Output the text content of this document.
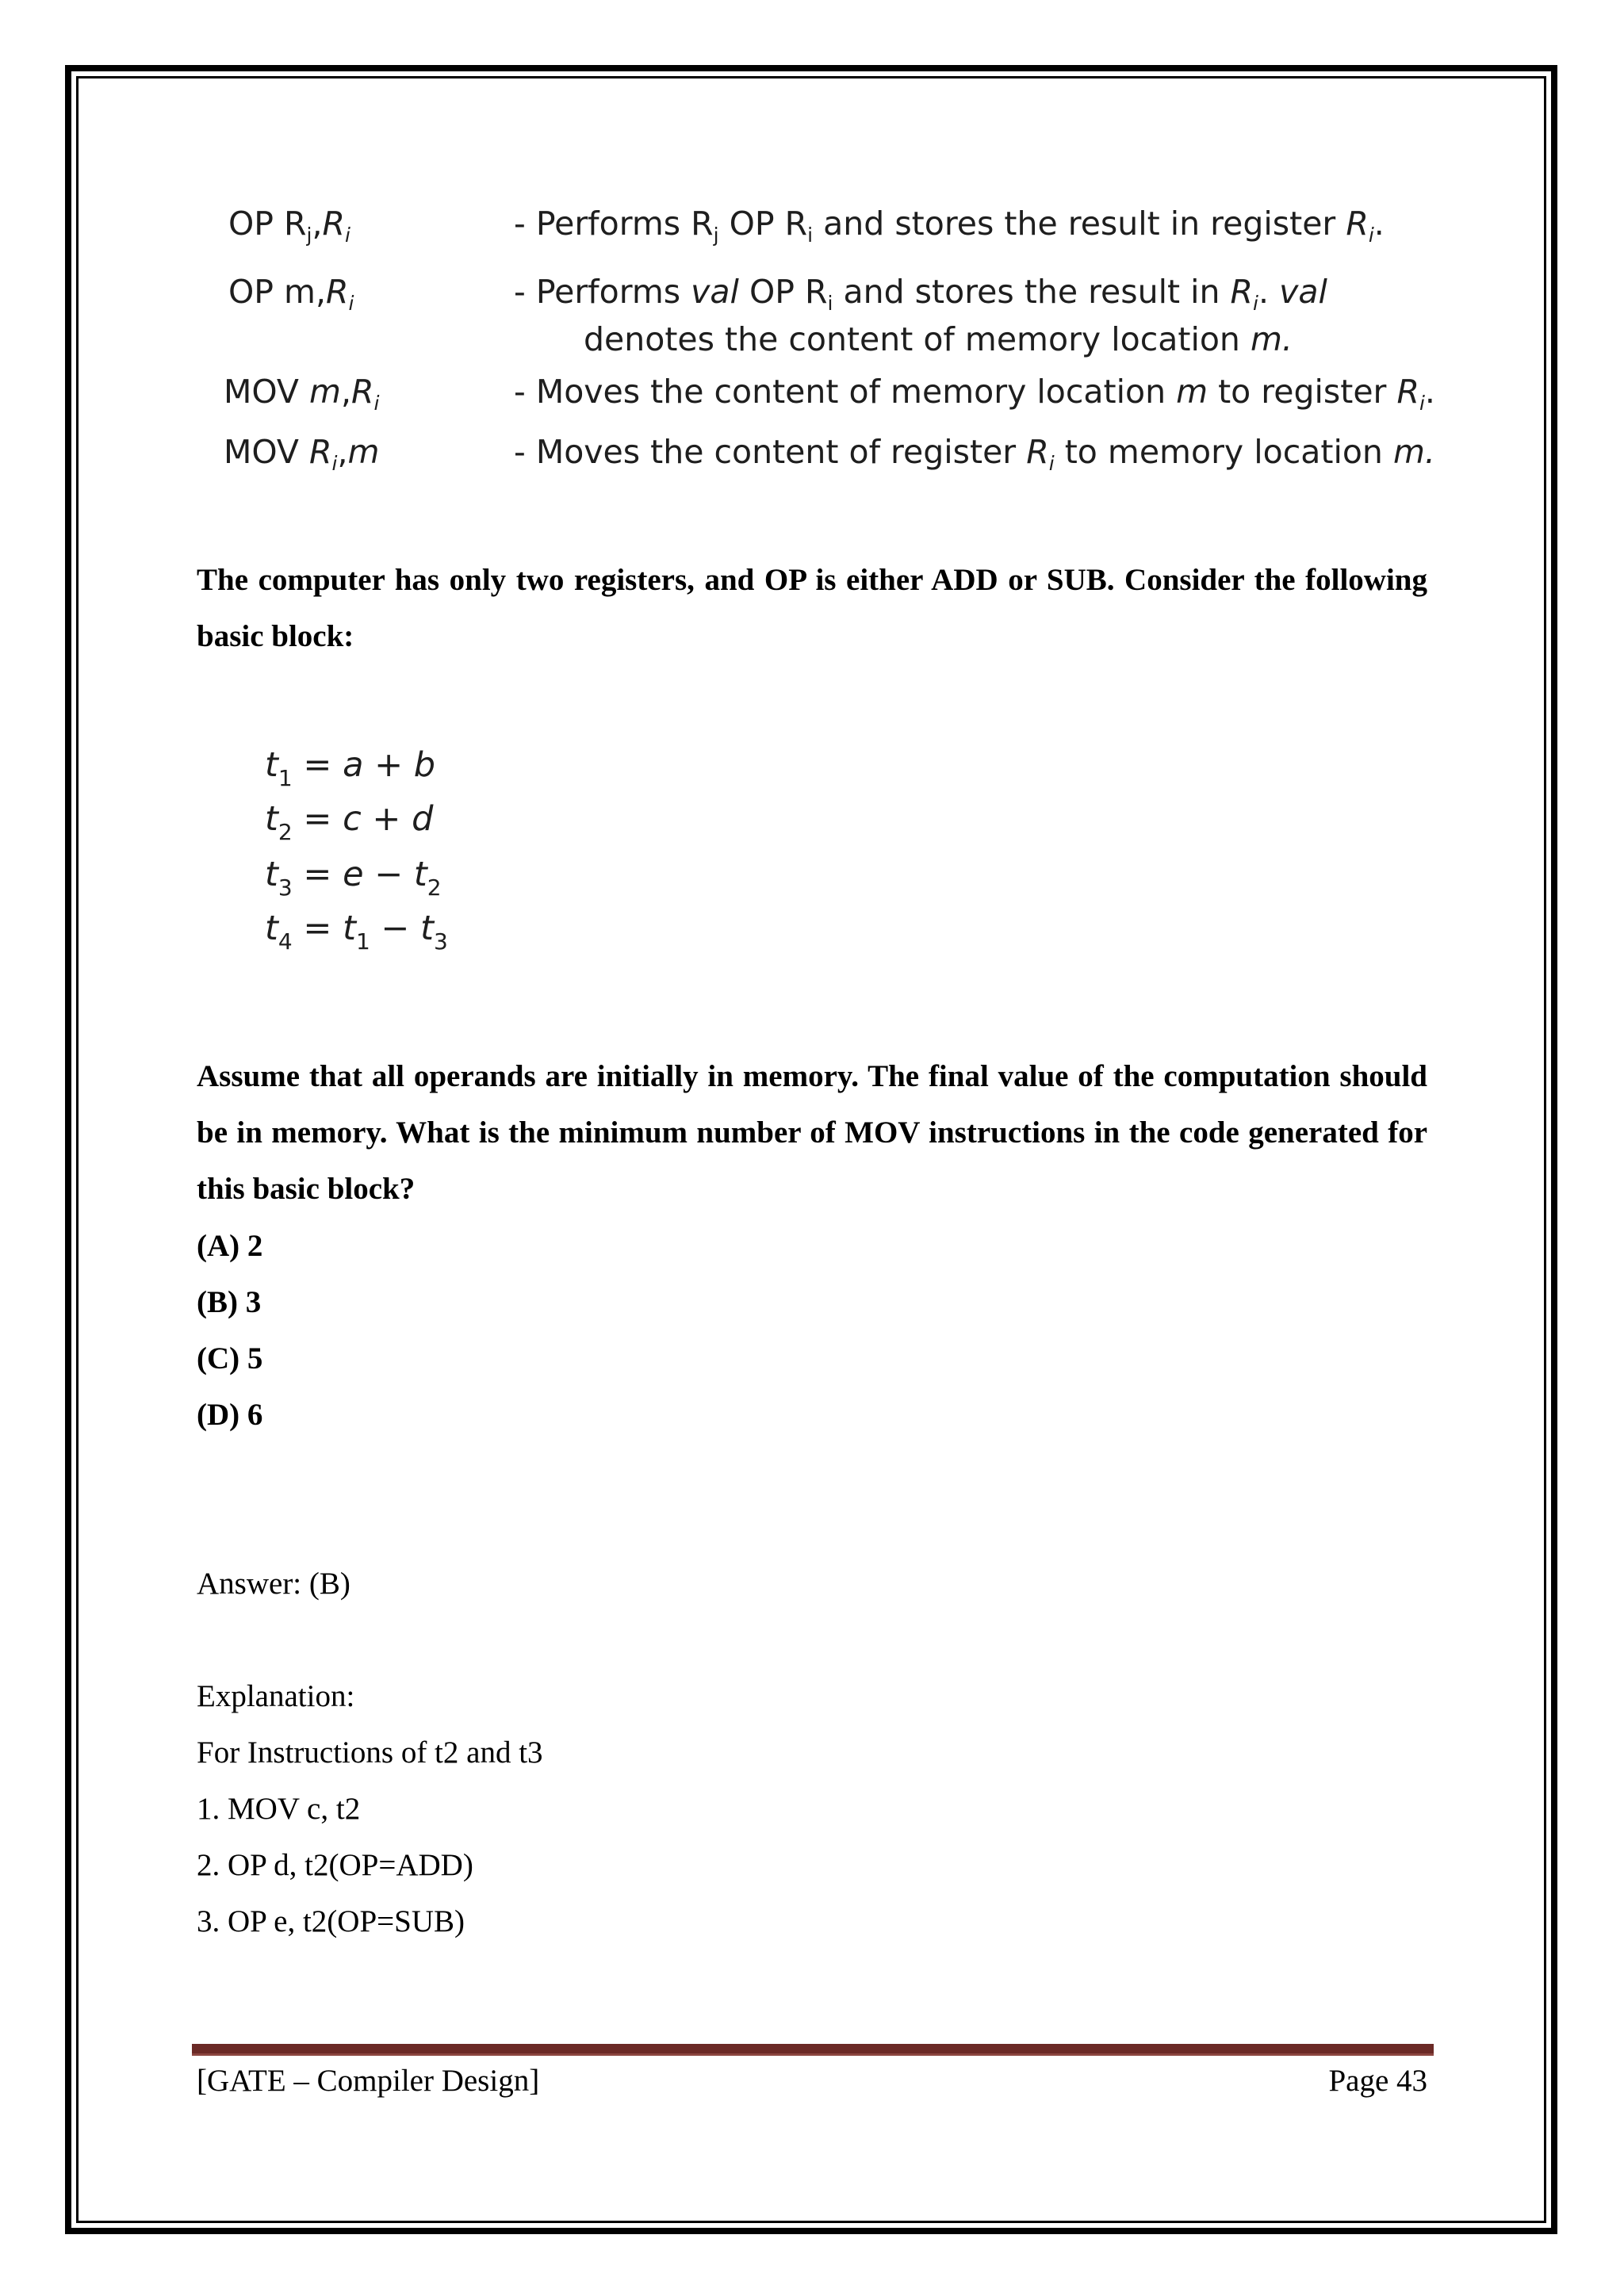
OP $R_j,R_i$	- Performs $R_j$ OP $R_i$ and stores the result in register $R_i$.
OP $m,R_i$	- Performs val OP $R_i$ and stores the result in $R_i$. val
denotes the content of memory location m.
MOV $m,R_i$	- Moves the content of memory location m to register $R_i$.
MOV $R_i,m$	- Moves the content of register $R_i$ to memory location m.
The computer has only two registers, and OP is either ADD or SUB. Consider the following basic block:
$t_1 = a + b$
$t_2 = c + d$
$t_3 = e - t_2$
$t_4 = t_1 - t_3$
Assume that all operands are initially in memory. The final value of the computation should be in memory. What is the minimum number of MOV instructions in the code generated for this basic block?
(A) 2
(B) 3
(C) 5
(D) 6
Answer: (B)
Explanation:
For Instructions of t2 and t3
1. MOV c, t2
2. OP d, t2(OP=ADD)
3. OP e, t2(OP=SUB)
[GATE – Compiler Design]	Page 43
